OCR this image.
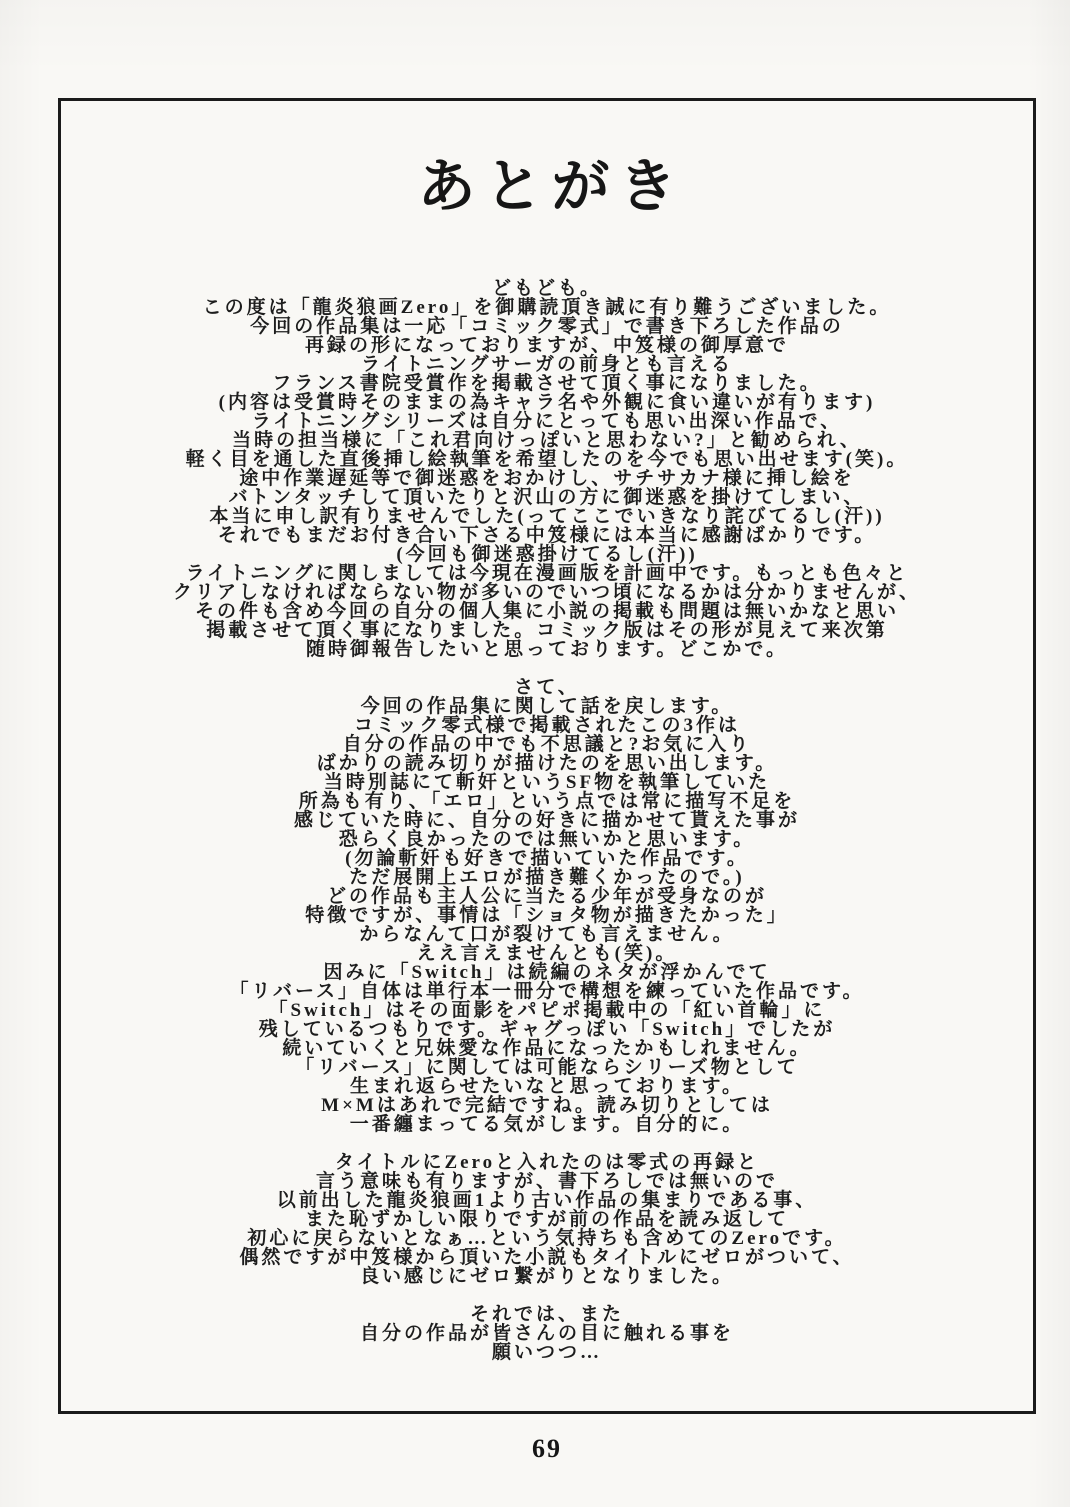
あとがき
どもども。
この度は「龍炎狼画Zero」を御購読頂き誠に有り難うございました。
今回の作品集は一応「コミック零式」で書き下ろした作品の
再録の形になっておりますが、中笈様の御厚意で
ライトニングサーガの前身とも言える
フランス書院受賞作を掲載させて頂く事になりました。
(内容は受賞時そのままの為キャラ名や外観に食い違いが有ります)
ライトニングシリーズは自分にとっても思い出深い作品で、
当時の担当様に「これ君向けっぽいと思わない?」と勧められ、
軽く目を通した直後挿し絵執筆を希望したのを今でも思い出せます(笑)。
途中作業遅延等で御迷惑をおかけし、サチサカナ様に挿し絵を
バトンタッチして頂いたりと沢山の方に御迷惑を掛けてしまい、
本当に申し訳有りませんでした(ってここでいきなり詫びてるし(汗))
それでもまだお付き合い下さる中笈様には本当に感謝ばかりです。
(今回も御迷惑掛けてるし(汗))
ライトニングに関しましては今現在漫画版を計画中です。もっとも色々と
クリアしなければならない物が多いのでいつ頃になるかは分かりませんが、
その件も含め今回の自分の個人集に小説の掲載も問題は無いかなと思い
掲載させて頂く事になりました。コミック版はその形が見えて来次第
随時御報告したいと思っております。どこかで。
さて、
今回の作品集に関して話を戻します。
コミック零式様で掲載されたこの3作は
自分の作品の中でも不思議と?お気に入り
ばかりの読み切りが描けたのを思い出します。
当時別誌にて斬奸というSF物を執筆していた
所為も有り、「エロ」という点では常に描写不足を
感じていた時に、自分の好きに描かせて貰えた事が
恐らく良かったのでは無いかと思います。
(勿論斬奸も好きで描いていた作品です。
ただ展開上エロが描き難くかったので。)
どの作品も主人公に当たる少年が受身なのが
特徴ですが、事情は「ショタ物が描きたかった」
からなんて口が裂けても言えません。
ええ言えませんとも(笑)。
因みに「Switch」は続編のネタが浮かんでて
「リバース」自体は単行本一冊分で構想を練っていた作品です。
「Switch」はその面影をパピポ掲載中の「紅い首輪」に
残しているつもりです。ギャグっぽい「Switch」でしたが
続いていくと兄妹愛な作品になったかもしれません。
「リバース」に関しては可能ならシリーズ物として
生まれ返らせたいなと思っております。
M×Mはあれで完結ですね。読み切りとしては
一番纏まってる気がします。自分的に。
タイトルにZeroと入れたのは零式の再録と
言う意味も有りますが、書下ろしでは無いので
以前出した龍炎狼画1より古い作品の集まりである事、
また恥ずかしい限りですが前の作品を読み返して
初心に戻らないとなぁ…という気持ちも含めてのZeroです。
偶然ですが中笈様から頂いた小説もタイトルにゼロがついて、
良い感じにゼロ繋がりとなりました。
それでは、また
自分の作品が皆さんの目に触れる事を
願いつつ…
69
